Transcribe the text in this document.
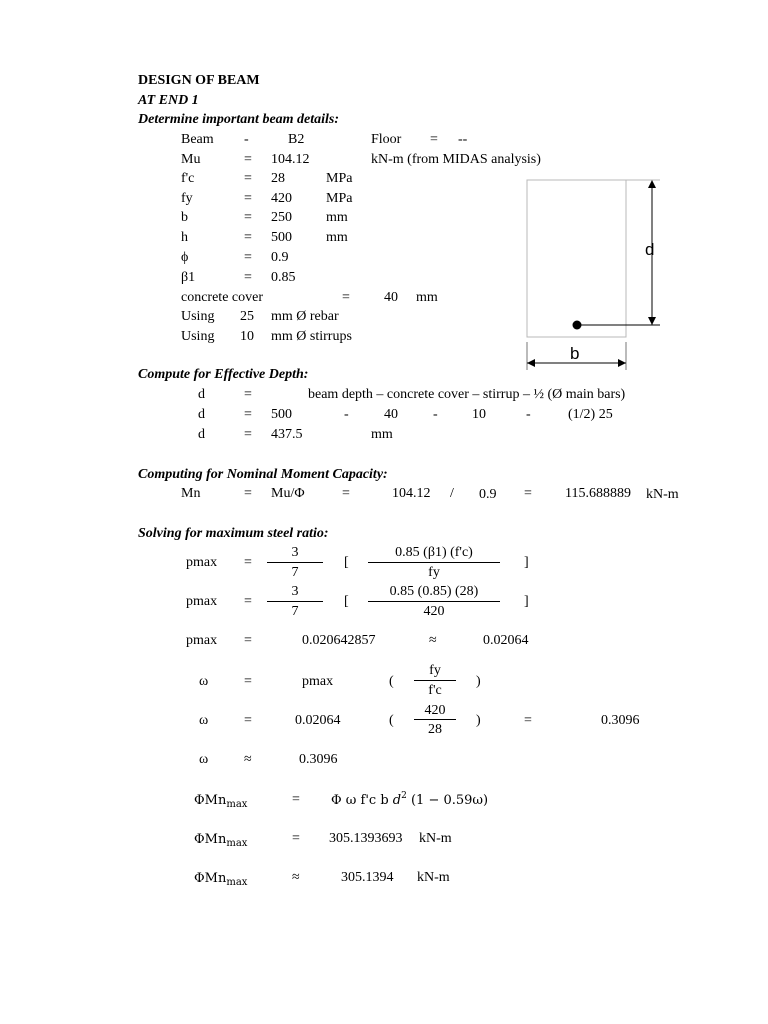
DESIGN OF BEAM
AT END 1
Determine important beam details:
Beam -	B2	Floor = --
Mu	= 104.12	kN-m (from MIDAS analysis)
f'c	= 28	MPa
fy	= 420 MPa
b	= 250 mm
h	= 500 mm
ϕ	= 0.9
β1	= 0.85
concrete cover	= 40 mm
Using 25 mm Ø rebar
Using 10 mm Ø stirrups
d
b
Compute for Effective Depth:
d	=	beam depth – concrete cover – stirrup – ½ (Ø main bars)
d	= 500	-	40	- 10	-	(1/2) 25
d	= 437.5	mm
Computing for Nominal Moment Capacity:
Mn	= Mu/Φ	=	104.12 / 0.9 = 115.688889 kN-m
Solving for maximum steel ratio:
pmax =
3
7
[
0.85 (β1) (f'c)
fy
]
pmax =
3
7
[
0.85 (0.85) (28)
420
]
pmax =	0.020642857	≈	0.02064
ω	=	pmax	(
fy
f'c
)
ω	=	0.02064	(
420
28
)	=	0.3096
ω	≈	0.3096
ΦMn$_{max}$	= Φ ω f'c b $d^2$ (1 − 0.59ω)
ΦMn$_{max}$	= 305.1393693 kN-m
ΦMn$_{max}$	≈	305.1394 kN-m
